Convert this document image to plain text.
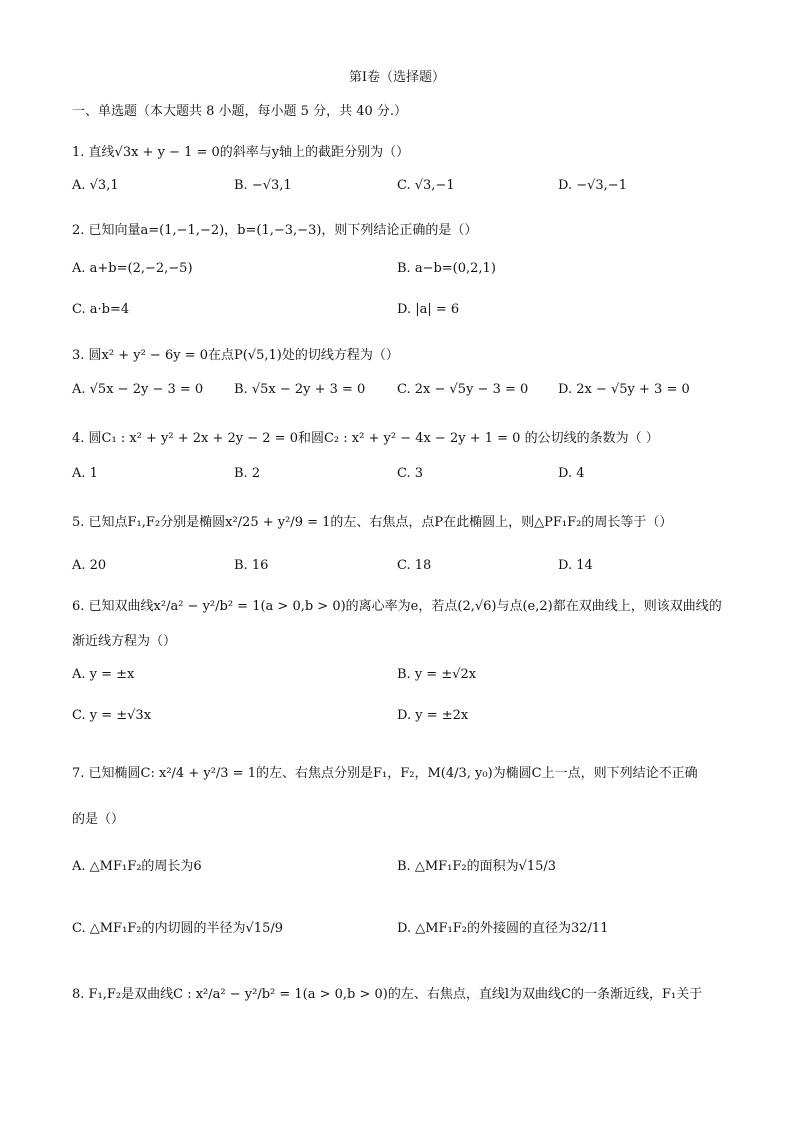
第Ⅰ卷（选择题）
一、单选题（本大题共 8 小题，每小题 5 分，共 40 分.）
1. 直线√3x + y − 1 = 0的斜率与y轴上的截距分别为（）
A. √3,1	B. −√3,1	C. √3,−1	D. −√3,−1
2. 已知向量a=(1,−1,−2)，b=(1,−3,−3)，则下列结论正确的是（）
A. a+b=(2,−2,−5)	B. a−b=(0,2,1)
C. a·b=4	D. |a| = 6
3. 圆x² + y² − 6y = 0在点P(√5,1)处的切线方程为（）
A. √5x − 2y − 3 = 0 B. √5x − 2y + 3 = 0 C. 2x − √5y − 3 = 0 D. 2x − √5y + 3 = 0
4. 圆C₁ : x² + y² + 2x + 2y − 2 = 0和圆C₂ : x² + y² − 4x − 2y + 1 = 0 的公切线的条数为（ ）
A. 1	B. 2	C. 3	D. 4
5. 已知点F₁,F₂分别是椭圆x²/25 + y²/9 = 1的左、右焦点，点P在此椭圆上，则△PF₁F₂的周长等于（）
A. 20	B. 16	C. 18	D. 14
6. 已知双曲线x²/a² − y²/b² = 1(a > 0,b > 0)的离心率为e，若点(2,√6)与点(e,2)都在双曲线上，则该双曲线的
渐近线方程为（）
A. y = ±x	B. y = ±√2x
C. y = ±√3x	D. y = ±2x
7. 已知椭圆C: x²/4 + y²/3 = 1的左、右焦点分别是F₁，F₂，M(4/3, y₀)为椭圆C上一点，则下列结论不正确
的是（）
A. △MF₁F₂的周长为6	B. △MF₁F₂的面积为√15/3
C. △MF₁F₂的内切圆的半径为√15/9	D. △MF₁F₂的外接圆的直径为32/11
8. F₁,F₂是双曲线C : x²/a² − y²/b² = 1(a > 0,b > 0)的左、右焦点，直线l为双曲线C的一条渐近线，F₁关于
